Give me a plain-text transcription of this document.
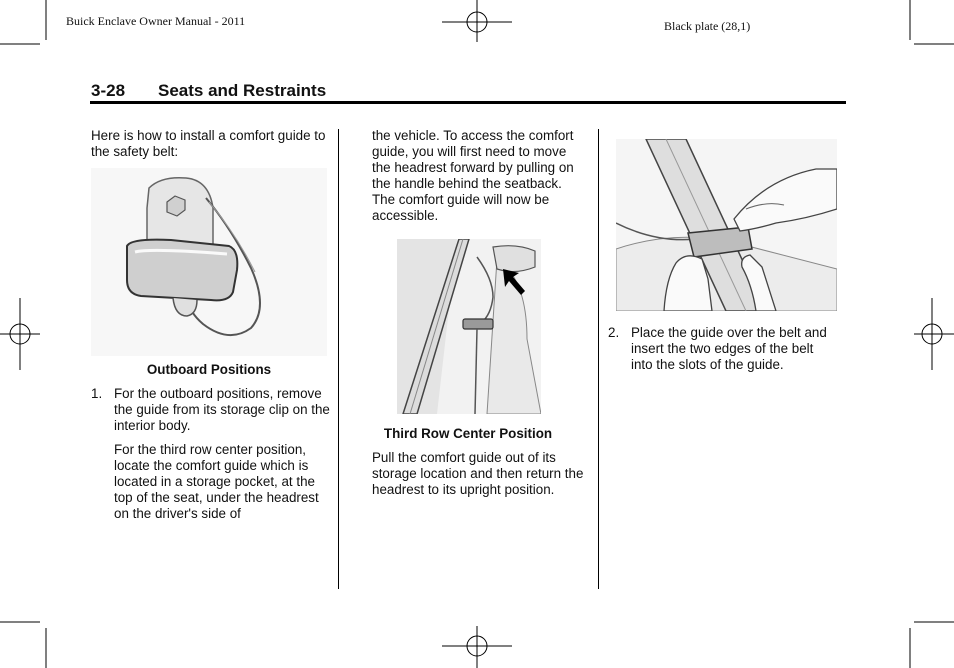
Buick Enclave Owner Manual - 2011	Black plate (28,1)
3-28 Seats and Restraints
Here is how to install a comfort guide to the safety belt:
Outboard Positions
1. For the outboard positions, remove the guide from its storage clip on the interior body.
For the third row center position, locate the comfort guide which is located in a storage pocket, at the top of the seat, under the headrest on the driver's side of
the vehicle. To access the comfort guide, you will first need to move the headrest forward by pulling on the handle behind the seatback. The comfort guide will now be accessible.
Third Row Center Position
Pull the comfort guide out of its storage location and then return the headrest to its upright position.
2. Place the guide over the belt and insert the two edges of the belt into the slots of the guide.
